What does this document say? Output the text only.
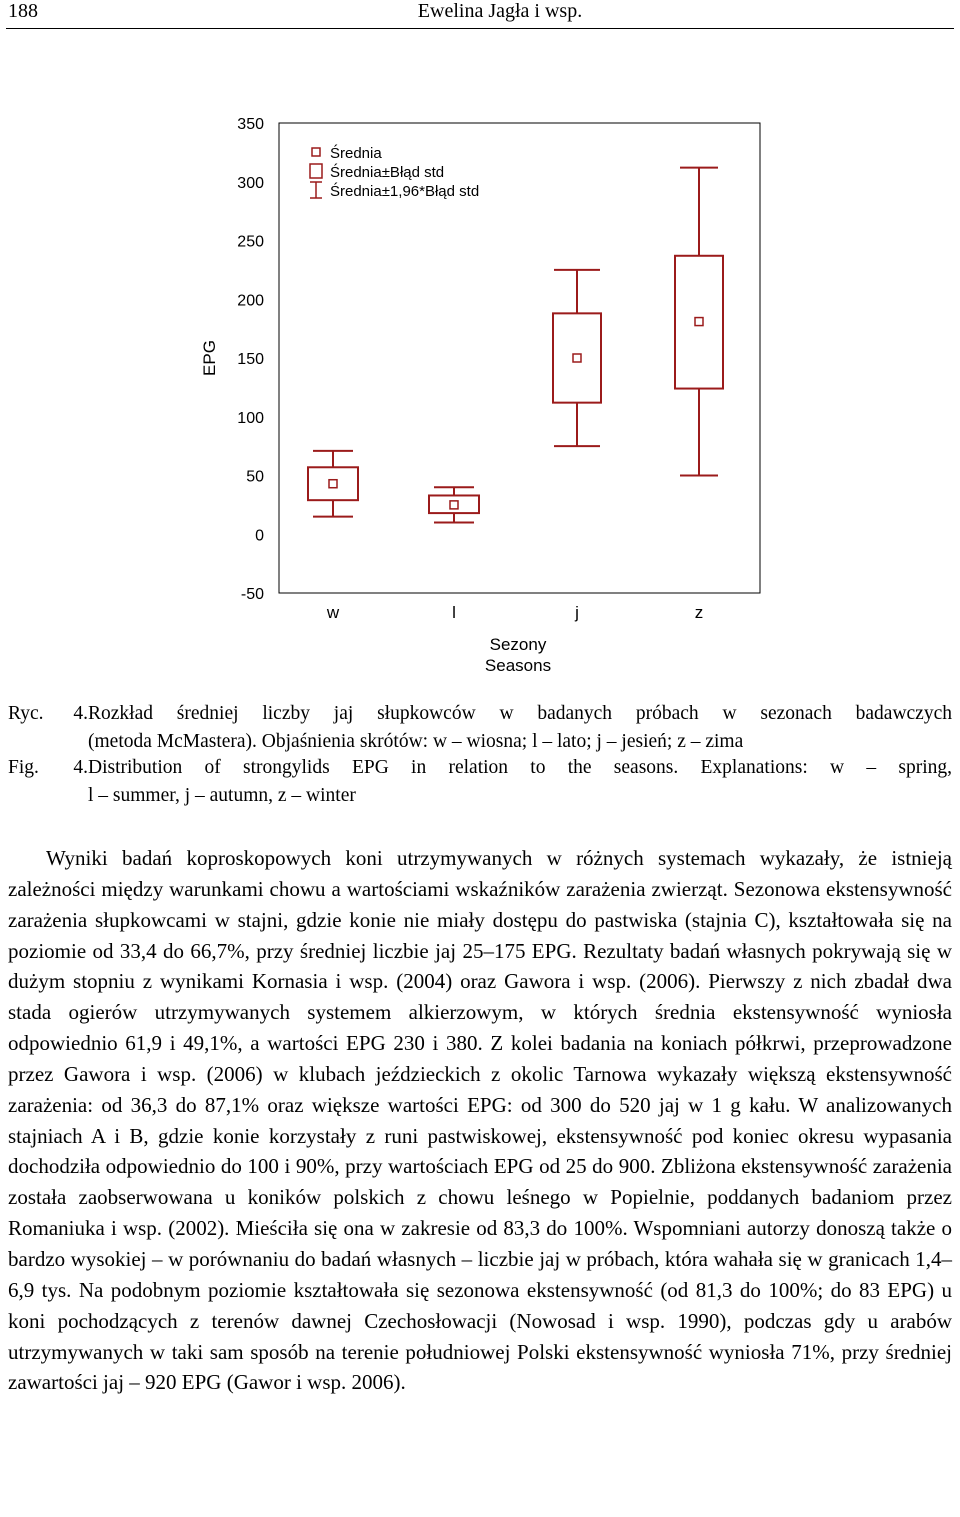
188	Ewelina Jagła i wsp.
350
300
250
200
150
100
50
0
-50
w	l	j	z
Średnia
Średnia±Błąd std
Średnia±1,96*Błąd std
EPG
Sezony
Seasons
Ryc. 4.Rozkład średniej liczby jaj słupkowców w badanych próbach w sezonach badawczych
(metoda McMastera). Objaśnienia skrótów: w – wiosna; l – lato; j – jesień; z – zima
Fig. 4.Distribution of strongylids EPG in relation to the seasons. Explanations: w – spring,
l – summer, j – autumn, z – winter

Wyniki badań koproskopowych koni utrzymywanych w różnych systemach wykazały, że istnieją zależności między warunkami chowu a wartościami wskaźników zarażenia zwierząt. Sezonowa ekstensywność zarażenia słupkowcami w stajni, gdzie konie nie miały dostępu do pastwiska (stajnia C), kształtowała się na poziomie od 33,4 do 66,7%, przy średniej liczbie jaj 25–175 EPG. Rezultaty badań własnych pokrywają się w dużym stopniu z wynikami Kornasia i wsp. (2004) oraz Gawora i wsp. (2006). Pierwszy z nich zbadał dwa stada ogierów utrzymywanych systemem alkierzowym, w których średnia ekstensywność wyniosła odpowiednio 61,9 i 49,1%, a wartości EPG 230 i 380. Z kolei badania na koniach półkrwi, przeprowadzone przez Gawora i wsp. (2006) w klubach jeździeckich z okolic Tarnowa wykazały większą ekstensywność zarażenia: od 36,3 do 87,1% oraz większe wartości EPG: od 300 do 520 jaj w 1 g kału. W analizowanych stajniach A i B, gdzie konie korzystały z runi pastwiskowej, ekstensywność pod koniec okresu wypasania dochodziła odpowiednio do 100 i 90%, przy wartościach EPG od 25 do 900. Zbliżona ekstensywność zarażenia została zaobserwowana u koników polskich z chowu leśnego w Popielnie, poddanych badaniom przez Romaniuka i wsp. (2002). Mieściła się ona w zakresie od 83,3 do 100%. Wspomniani autorzy donoszą także o bardzo wysokiej – w porównaniu do badań własnych – liczbie jaj w próbach, która wahała się w granicach 1,4–6,9 tys. Na podobnym poziomie kształtowała się sezonowa ekstensywność (od 81,3 do 100%; do 83 EPG) u koni pochodzących z terenów dawnej Czechosłowacji (Nowosad i wsp. 1990), podczas gdy u arabów utrzymywanych w taki sam sposób na terenie południowej Polski ekstensywność wyniosła 71%, przy średniej zawartości jaj – 920 EPG (Gawor i wsp. 2006).
